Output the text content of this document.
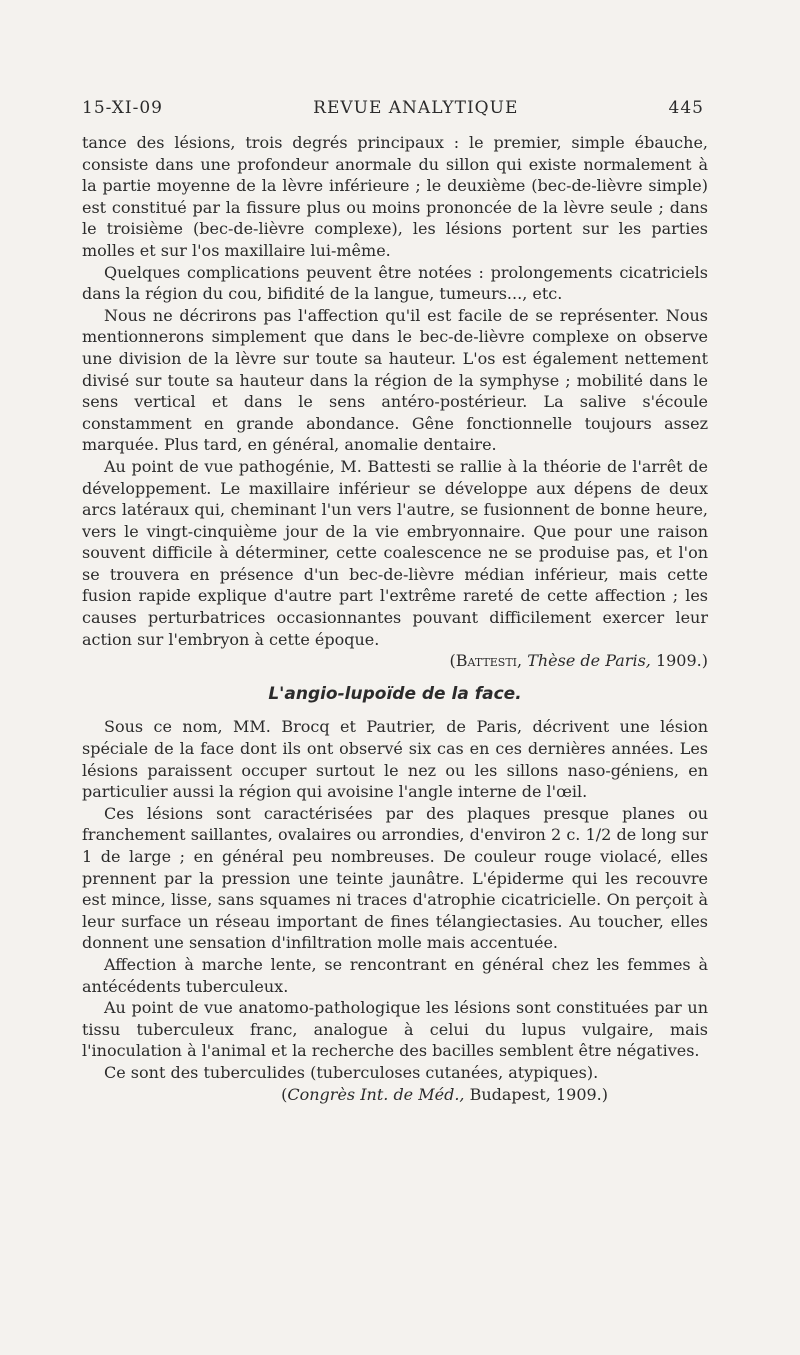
15-XI-09	REVUE ANALYTIQUE	445

tance des lésions, trois degrés principaux : le premier, simple ébauche, consiste dans une profondeur anormale du sillon qui existe normalement à la partie moyenne de la lèvre inférieure ; le deuxième (bec-de-lièvre simple) est constitué par la fissure plus ou moins prononcée de la lèvre seule ; dans le troisième (bec-de-lièvre complexe), les lésions portent sur les parties molles et sur l'os maxillaire lui-même.

Quelques complications peuvent être notées : prolongements cicatriciels dans la région du cou, bifidité de la langue, tumeurs..., etc.

Nous ne décrirons pas l'affection qu'il est facile de se représenter. Nous mentionnerons simplement que dans le bec-de-lièvre complexe on observe une division de la lèvre sur toute sa hauteur. L'os est également nettement divisé sur toute sa hauteur dans la région de la symphyse ; mobilité dans le sens vertical et dans le sens antéro-postérieur. La salive s'écoule constamment en grande abondance. Gêne fonctionnelle toujours assez marquée. Plus tard, en général, anomalie dentaire.

Au point de vue pathogénie, M. Battesti se rallie à la théorie de l'arrêt de développement. Le maxillaire inférieur se développe aux dépens de deux arcs latéraux qui, cheminant l'un vers l'autre, se fusionnent de bonne heure, vers le vingt-cinquième jour de la vie embryonnaire. Que pour une raison souvent difficile à déterminer, cette coalescence ne se produise pas, et l'on se trouvera en présence d'un bec-de-lièvre médian inférieur, mais cette fusion rapide explique d'autre part l'extrême rareté de cette affection ; les causes perturbatrices occasionnantes pouvant difficilement exercer leur action sur l'embryon à cette époque.

(Battesti, Thèse de Paris, 1909.)

L'angio-lupoïde de la face.

Sous ce nom, MM. Brocq et Pautrier, de Paris, décrivent une lésion spéciale de la face dont ils ont observé six cas en ces dernières années. Les lésions paraissent occuper surtout le nez ou les sillons naso-géniens, en particulier aussi la région qui avoisine l'angle interne de l'œil.

Ces lésions sont caractérisées par des plaques presque planes ou franchement saillantes, ovalaires ou arrondies, d'environ 2 c. 1/2 de long sur 1 de large ; en général peu nombreuses. De couleur rouge violacé, elles prennent par la pression une teinte jaunâtre. L'épiderme qui les recouvre est mince, lisse, sans squames ni traces d'atrophie cicatricielle. On perçoit à leur surface un réseau important de fines télangiectasies. Au toucher, elles donnent une sensation d'infiltration molle mais accentuée.

Affection à marche lente, se rencontrant en général chez les femmes à antécédents tuberculeux.

Au point de vue anatomo-pathologique les lésions sont constituées par un tissu tuberculeux franc, analogue à celui du lupus vulgaire, mais l'inoculation à l'animal et la recherche des bacilles semblent être négatives.

Ce sont des tuberculides (tuberculoses cutanées, atypiques).

(Congrès Int. de Méd., Budapest, 1909.)
